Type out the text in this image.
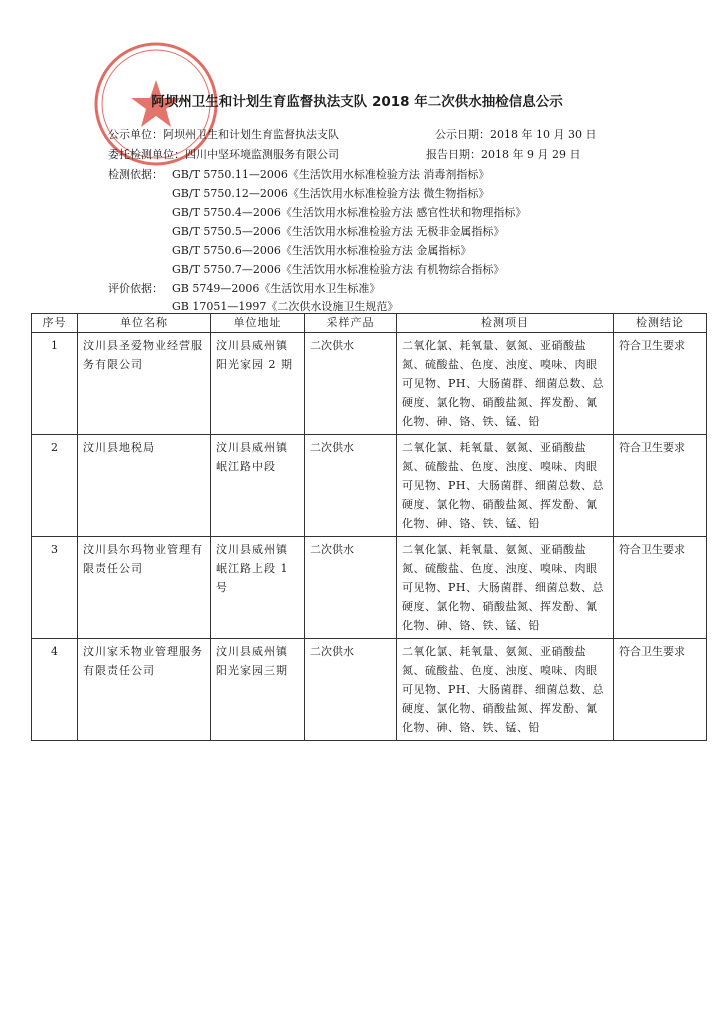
阿坝州卫生和计划生育监督执法支队 2018 年二次供水抽检信息公示
公示单位：阿坝州卫生和计划生育监督执法支队	公示日期：2018 年 10 月 30 日
委托检测单位：四川中坚环境监测服务有限公司	报告日期：2018 年 9 月 29 日
检测依据： GB/T 5750.11—2006《生活饮用水标准检验方法 消毒剂指标》
GB/T 5750.12—2006《生活饮用水标准检验方法 微生物指标》
GB/T 5750.4—2006《生活饮用水标准检验方法 感官性状和物理指标》
GB/T 5750.5—2006《生活饮用水标准检验方法 无极非金属指标》
GB/T 5750.6—2006《生活饮用水标准检验方法 金属指标》
GB/T 5750.7—2006《生活饮用水标准检验方法 有机物综合指标》
评价依据： GB 5749—2006《生活饮用水卫生标准》
GB 17051—1997《二次供水设施卫生规范》
序号	单位名称	单位地址	采样产品	检测项目	检测结论
1	汶川县圣爱物业经营服务有限公司	汶川县威州镇阳光家园 2 期	二次供水	二氧化氯、耗氧量、氨氮、亚硝酸盐氮、硫酸盐、色度、浊度、嗅味、肉眼可见物、PH、大肠菌群、细菌总数、总硬度、氯化物、硝酸盐氮、挥发酚、氰化物、砷、铬、铁、锰、铅	符合卫生要求
2	汶川县地税局	汶川县威州镇岷江路中段	二次供水	二氧化氯、耗氧量、氨氮、亚硝酸盐氮、硫酸盐、色度、浊度、嗅味、肉眼可见物、PH、大肠菌群、细菌总数、总硬度、氯化物、硝酸盐氮、挥发酚、氰化物、砷、铬、铁、锰、铅	符合卫生要求
3	汶川县尔玛物业管理有限责任公司	汶川县威州镇岷江路上段 1 号	二次供水	二氧化氯、耗氧量、氨氮、亚硝酸盐氮、硫酸盐、色度、浊度、嗅味、肉眼可见物、PH、大肠菌群、细菌总数、总硬度、氯化物、硝酸盐氮、挥发酚、氰化物、砷、铬、铁、锰、铅	符合卫生要求
4	汶川家禾物业管理服务有限责任公司	汶川县威州镇阳光家园三期	二次供水	二氧化氯、耗氧量、氨氮、亚硝酸盐氮、硫酸盐、色度、浊度、嗅味、肉眼可见物、PH、大肠菌群、细菌总数、总硬度、氯化物、硝酸盐氮、挥发酚、氰化物、砷、铬、铁、锰、铅	符合卫生要求
